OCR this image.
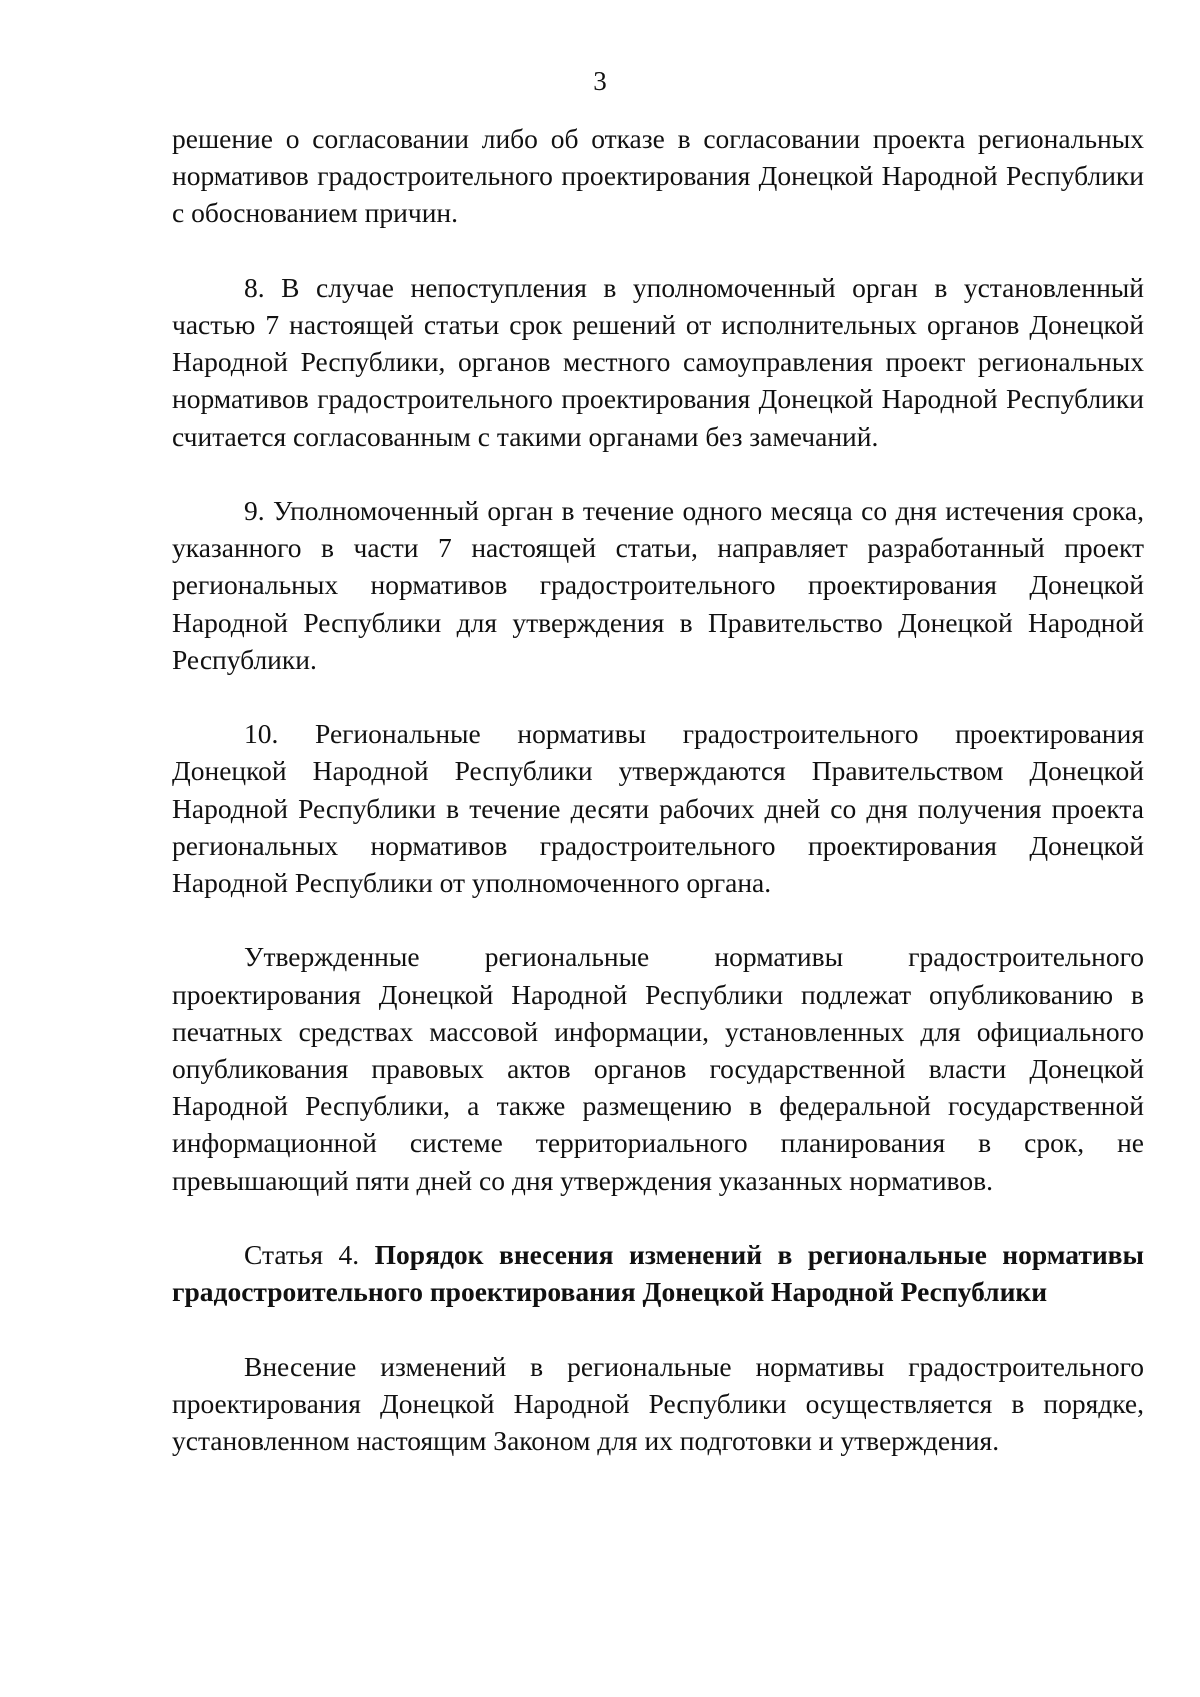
3

решение о согласовании либо об отказе в согласовании проекта региональных нормативов градостроительного проектирования Донецкой Народной Республики с обоснованием причин.

8. В случае непоступления в уполномоченный орган в установленный частью 7 настоящей статьи срок решений от исполнительных органов Донецкой Народной Республики, органов местного самоуправления проект региональных нормативов градостроительного проектирования Донецкой Народной Республики считается согласованным с такими органами без замечаний.

9. Уполномоченный орган в течение одного месяца со дня истечения срока, указанного в части 7 настоящей статьи, направляет разработанный проект региональных нормативов градостроительного проектирования Донецкой Народной Республики для утверждения в Правительство Донецкой Народной Республики.

10. Региональные нормативы градостроительного проектирования Донецкой Народной Республики утверждаются Правительством Донецкой Народной Республики в течение десяти рабочих дней со дня получения проекта региональных нормативов градостроительного проектирования Донецкой Народной Республики от уполномоченного органа.

Утвержденные региональные нормативы градостроительного проектирования Донецкой Народной Республики подлежат опубликованию в печатных средствах массовой информации, установленных для официального опубликования правовых актов органов государственной власти Донецкой Народной Республики, а также размещению в федеральной государственной информационной системе территориального планирования в срок, не превышающий пяти дней со дня утверждения указанных нормативов.

Статья 4. Порядок внесения изменений в региональные нормативы градостроительного проектирования Донецкой Народной Республики

Внесение изменений в региональные нормативы градостроительного проектирования Донецкой Народной Республики осуществляется в порядке, установленном настоящим Законом для их подготовки и утверждения.
